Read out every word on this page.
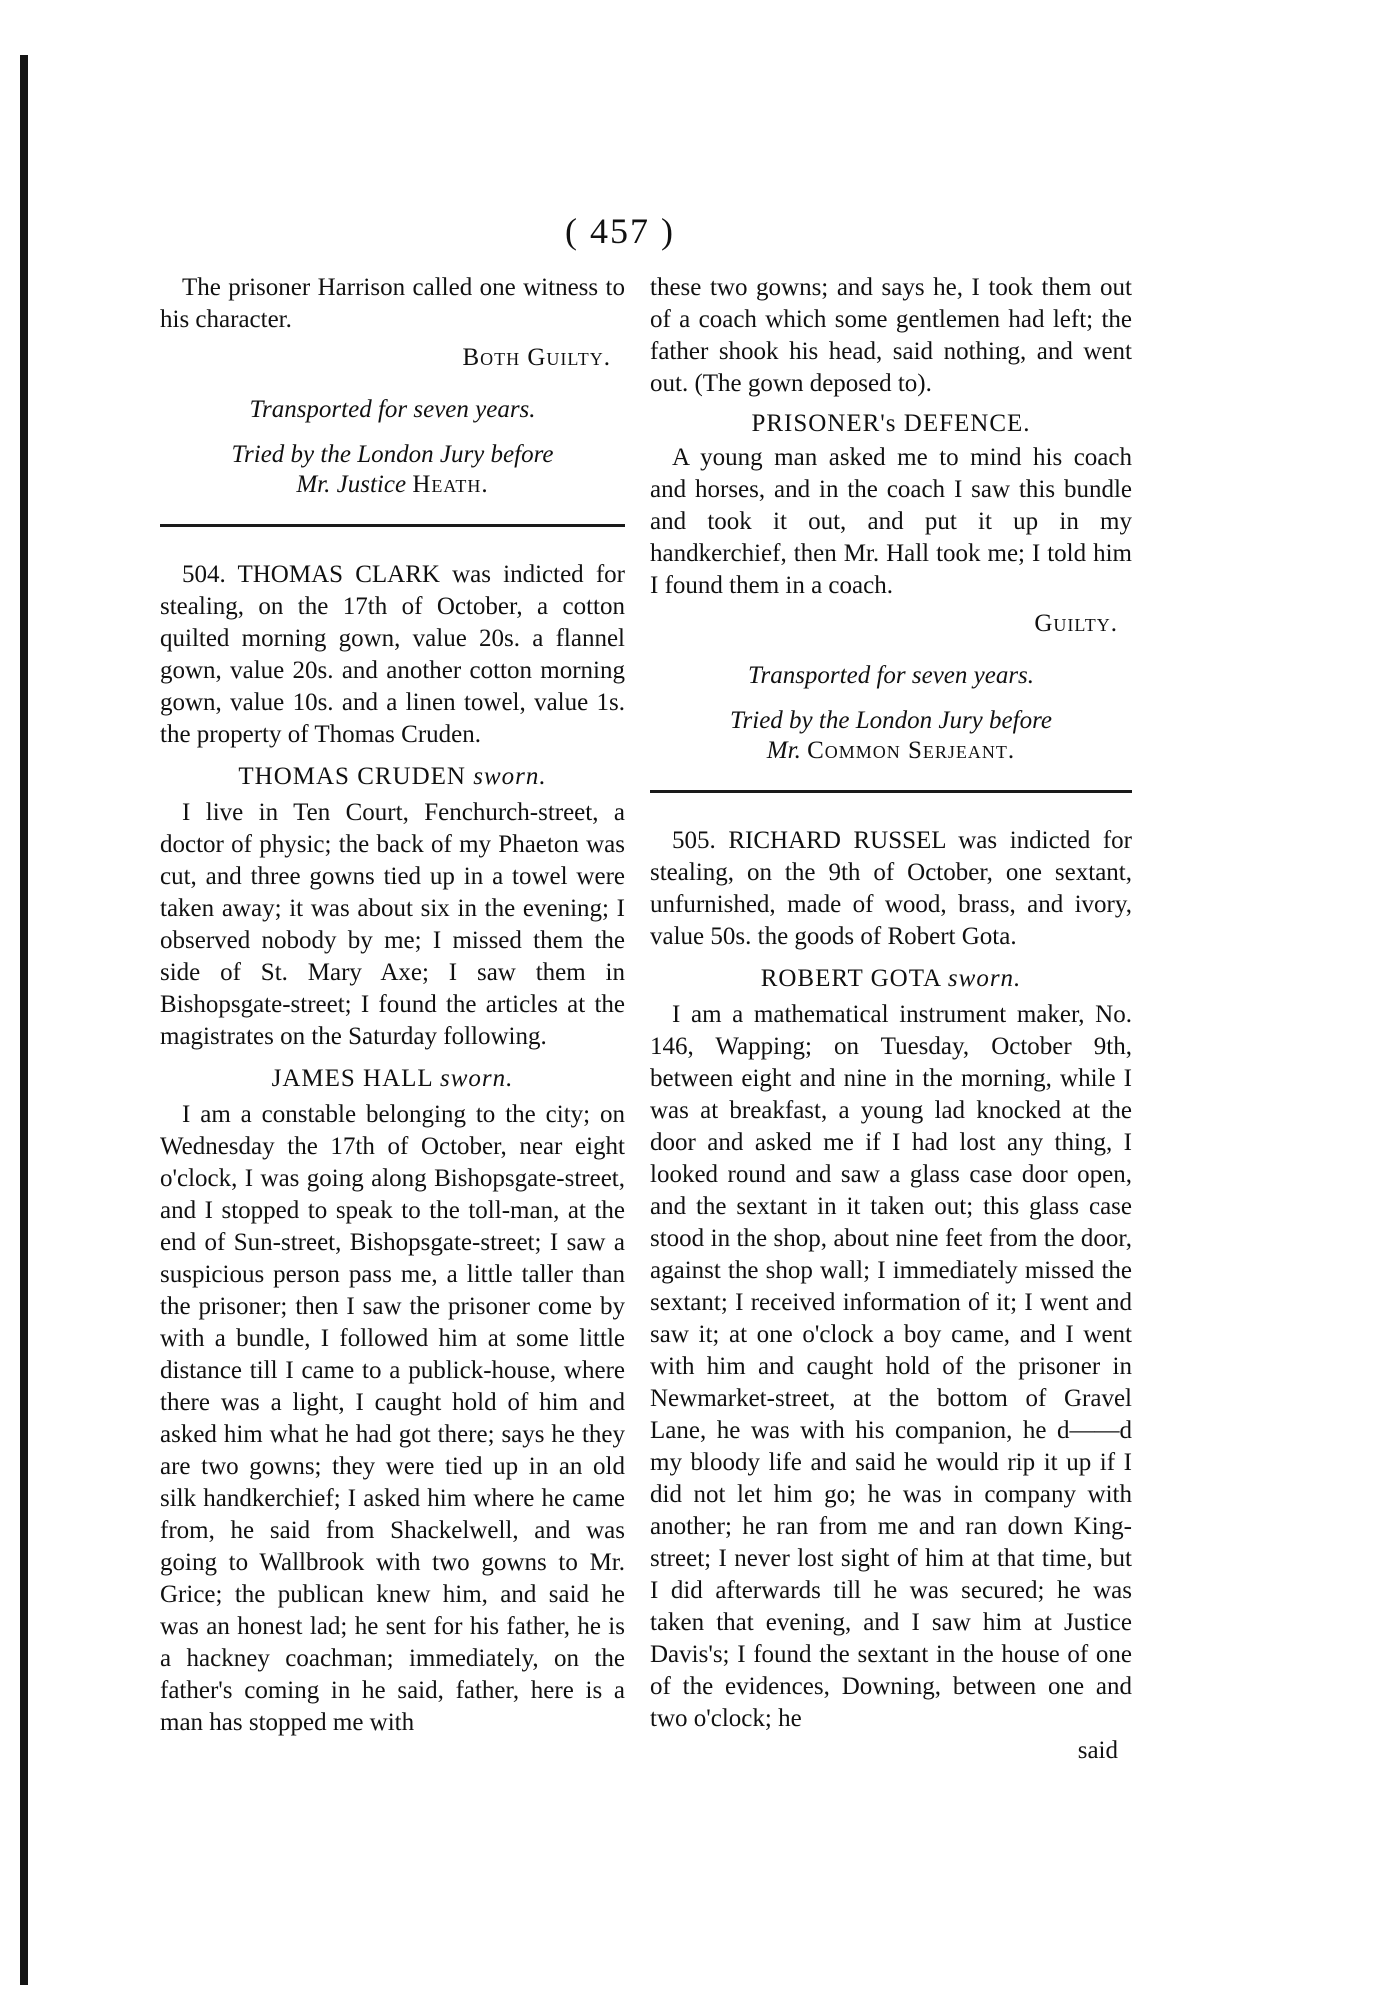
( 457 )

The prisoner Harrison called one witness to his character.

Both Guilty.
Transported for seven years.
Tried by the London Jury before
Mr. Justice Heath.

504. THOMAS CLARK was indicted for stealing, on the 17th of October, a cotton quilted morning gown, value 20s. a flannel gown, value 20s. and another cotton morning gown, value 10s. and a linen towel, value 1s. the property of Thomas Cruden.

THOMAS CRUDEN sworn.

I live in Ten Court, Fenchurch-street, a doctor of physic; the back of my Phaeton was cut, and three gowns tied up in a towel were taken away; it was about six in the evening; I observed nobody by me; I missed them the side of St. Mary Axe; I saw them in Bishopsgate-street; I found the articles at the magistrates on the Saturday following.

JAMES HALL sworn.

I am a constable belonging to the city; on Wednesday the 17th of October, near eight o'clock, I was going along Bishopsgate-street, and I stopped to speak to the toll-man, at the end of Sun-street, Bishopsgate-street; I saw a suspicious person pass me, a little taller than the prisoner; then I saw the prisoner come by with a bundle, I followed him at some little distance till I came to a publick-house, where there was a light, I caught hold of him and asked him what he had got there; says he they are two gowns; they were tied up in an old silk handkerchief; I asked him where he came from, he said from Shackelwell, and was going to Wallbrook with two gowns to Mr. Grice; the publican knew him, and said he was an honest lad; he sent for his father, he is a hackney coachman; immediately, on the father's coming in he said, father, here is a man has stopped me with

these two gowns; and says he, I took them out of a coach which some gentlemen had left; the father shook his head, said nothing, and went out. (The gown deposed to).

PRISONER's DEFENCE.

A young man asked me to mind his coach and horses, and in the coach I saw this bundle and took it out, and put it up in my handkerchief, then Mr. Hall took me; I told him I found them in a coach.

Guilty.
Transported for seven years.
Tried by the London Jury before
Mr. Common Serjeant.

505. RICHARD RUSSEL was indicted for stealing, on the 9th of October, one sextant, unfurnished, made of wood, brass, and ivory, value 50s. the goods of Robert Gota.

ROBERT GOTA sworn.

I am a mathematical instrument maker, No. 146, Wapping; on Tuesday, October 9th, between eight and nine in the morning, while I was at breakfast, a young lad knocked at the door and asked me if I had lost any thing, I looked round and saw a glass case door open, and the sextant in it taken out; this glass case stood in the shop, about nine feet from the door, against the shop wall; I immediately missed the sextant; I received information of it; I went and saw it; at one o'clock a boy came, and I went with him and caught hold of the prisoner in Newmarket-street, at the bottom of Gravel Lane, he was with his companion, he d——d my bloody life and said he would rip it up if I did not let him go; he was in company with another; he ran from me and ran down King-street; I never lost sight of him at that time, but I did afterwards till he was secured; he was taken that evening, and I saw him at Justice Davis's; I found the sextant in the house of one of the evidences, Downing, between one and two o'clock; he

said
